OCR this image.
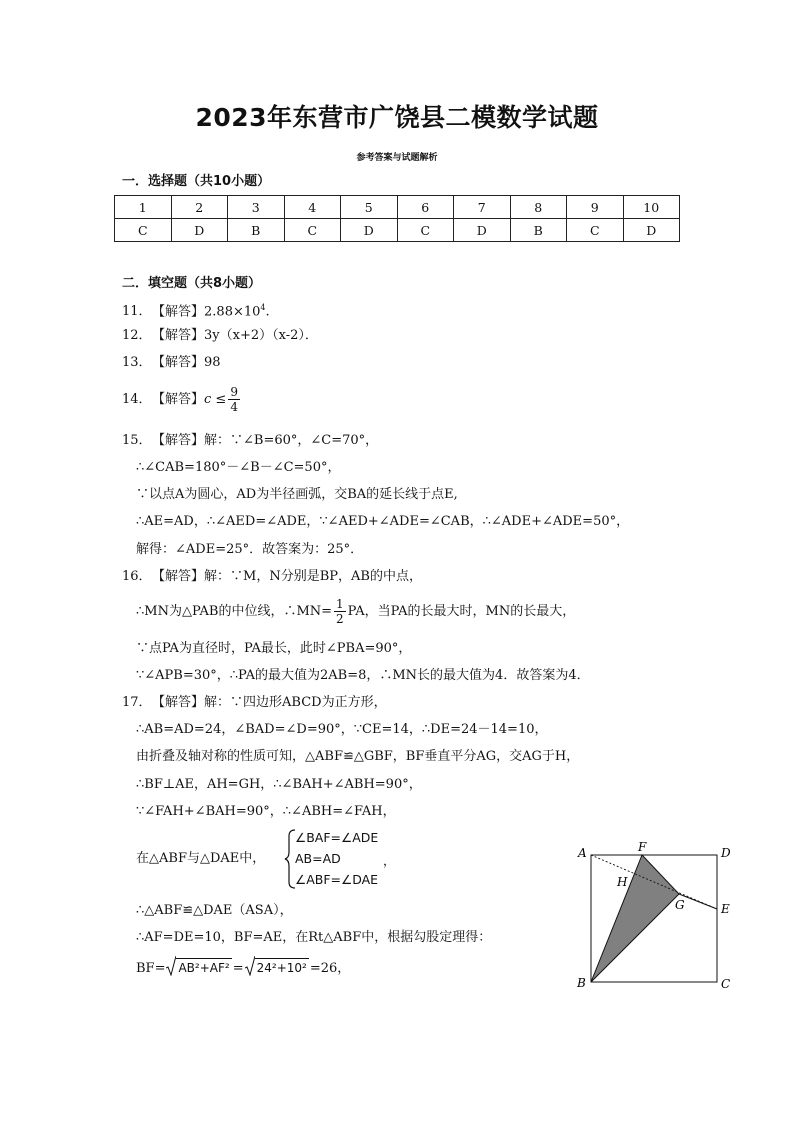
2023年东营市广饶县二模数学试题
参考答案与试题解析
一．选择题（共10小题）
1	2	3	4	5	6	7	8	9	10
C	D	B	C	D	C	D	B	C	D
二．填空题（共8小题）
11．【解答】$2.88\times 10^4$.
12．【解答】3y（x+2）（x-2）．
13．【解答】98
14．【解答】$c \le \frac{9}{4}$
15．【解答】解：∵∠B=60°，∠C=70°，
∴∠CAB=180°－∠B－∠C=50°，
∵以点A为圆心，AD为半径画弧，交BA的延长线于点E,
∴AE=AD，∴∠AED=∠ADE，∵∠AED+∠ADE=∠CAB，∴∠ADE+∠ADE=50°，
解得：∠ADE=25°．故答案为：25°．
16．【解答】解：∵M，N分别是BP，AB的中点，
∴MN为△PAB的中位线，∴MN= $\frac{1}{2}$ PA，当PA的长最大时，MN的长最大，
∵点PA为直径时，PA最长，此时∠PBA=90°，
∵∠APB=30°，∴PA的最大值为2AB=8，∴MN长的最大值为4．故答案为4．
17．【解答】解：∵四边形ABCD为正方形，
∴AB=AD=24，∠BAD=∠D=90°，∵CE=14，∴DE=24－14=10，
由折叠及轴对称的性质可知，△ABF≌△GBF，BF垂直平分AG，交AG于H，
∴BF⊥AE，AH=GH，∴∠BAH+∠ABH=90°，
∵∠FAH+∠BAH=90°，∴∠ABH=∠FAH，
在△ABF与△DAE中，
∠BAF=∠ADE
AB=AD
∠ABF=∠DAE
，
∴△ABF≌△DAE（ASA），
∴AF=DE=10，BF=AE，在Rt△ABF中，根据勾股定理得：
BF= AB²+AF² = 24²+10² =26，
A	F	D
H
G	E
B	C
